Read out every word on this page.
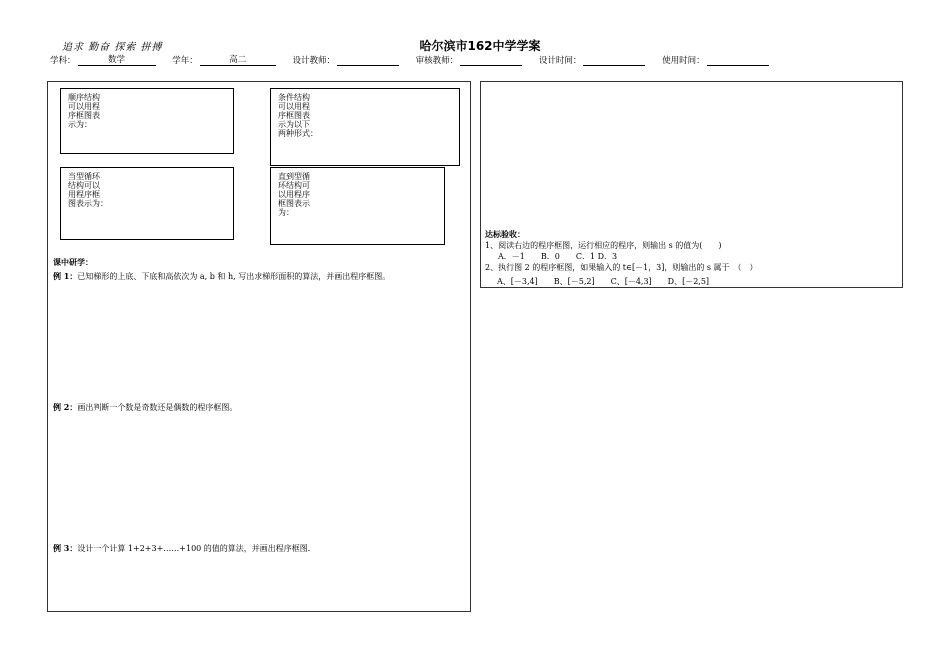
追求 勤奋 探索 拼搏	哈尔滨市162中学学案
学科：	数学	学年：	高二	设计教师：	审核教师：	设计时间：	使用时间：
顺序结构
可以用程
序框图表
示为：
条件结构
可以用程
序框图表
示为以下
两种形式：
当型循环
结构可以
用程序框
图表示为：
直到型循
环结构可
以用程序
框图表示
为：
课中研学：
例 1：已知梯形的上底、下底和高依次为 a, b 和 h, 写出求梯形面积的算法，并画出程序框图。
例 2：画出判断一个数是奇数还是偶数的程序框图。
例 3：设计一个计算 1+2+3+……+100 的值的算法，并画出程序框图.
达标验收：
1、阅读右边的程序框图，运行相应的程序，则输出 s 的值为(　　)
A．－1　　B．0　　C．1 D．3
2、执行图 2 的程序框图，如果输入的 t∈[－1，3]，则输出的 s 属于　（　）
A、[－3,4]　　B、[－5,2]　　C、[－4,3]　　D、[－2,5]
